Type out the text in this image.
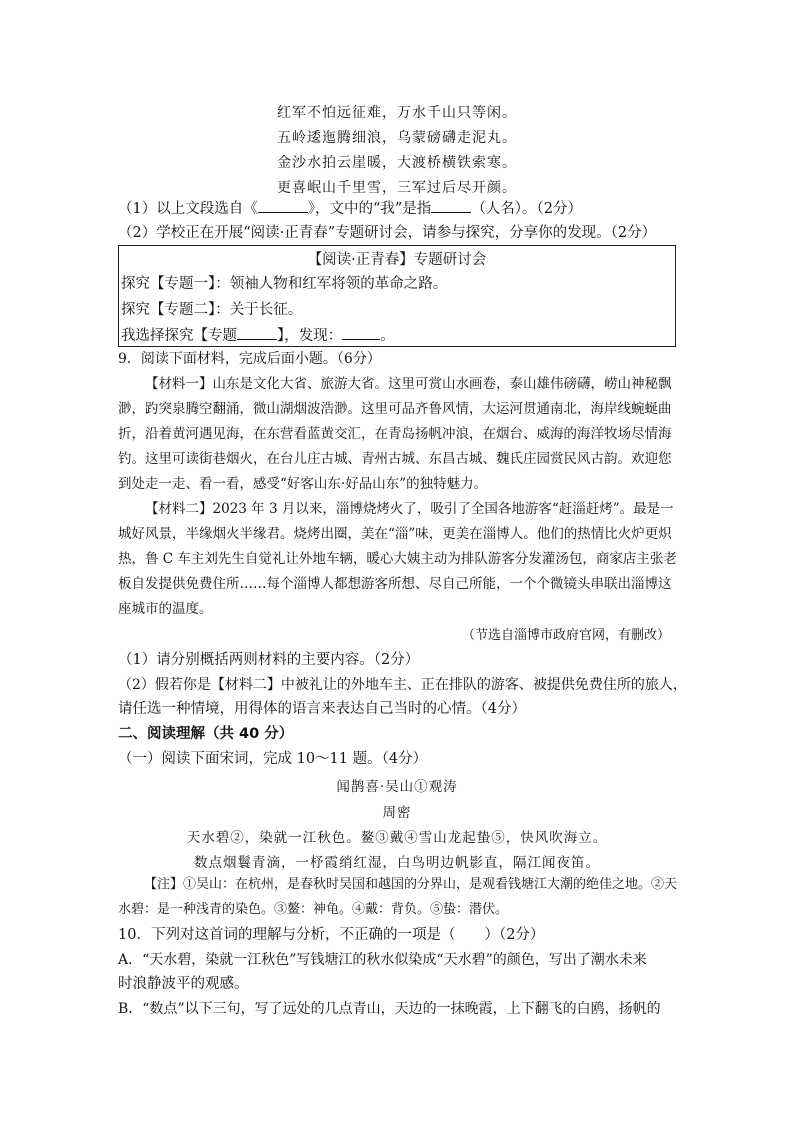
红军不怕远征难，万水千山只等闲。
五岭逶迤腾细浪，乌蒙磅礴走泥丸。
金沙水拍云崖暖，大渡桥横铁索寒。
更喜岷山千里雪，三军过后尽开颜。
（1）以上文段选自《	》，文中的“我”是指	（人名）。（2分）
（2）学校正在开展“阅读·正青春”专题研讨会，请参与探究，分享你的发现。（2分）
【阅读·正青春】专题研讨会
探究【专题一】：领袖人物和红军将领的革命之路。
探究【专题二】：关于长征。
我选择探究【专题	】，发现：	。
9．阅读下面材料，完成后面小题。（6分）
【材料一】山东是文化大省、旅游大省。这里可赏山水画卷，泰山雄伟磅礴，崂山神秘飘渺，趵突泉腾空翻涌，微山湖烟波浩渺。这里可品齐鲁风情，大运河贯通南北，海岸线蜿蜒曲折，沿着黄河遇见海，在东营看蓝黄交汇，在青岛扬帆冲浪，在烟台、威海的海洋牧场尽情海钓。这里可读街巷烟火，在台儿庄古城、青州古城、东昌古城、魏氏庄园赏民风古韵。欢迎您到处走一走、看一看，感受“好客山东·好品山东”的独特魅力。
【材料二】2023 年 3 月以来，淄博烧烤火了，吸引了全国各地游客“赶淄赶烤”。最是一城好风景，半缘烟火半缘君。烧烤出圈，美在“淄”味，更美在淄博人。他们的热情比火炉更炽热，鲁 C 车主刘先生自觉礼让外地车辆，暖心大姨主动为排队游客分发灌汤包，商家店主张老板自发提供免费住所……每个淄博人都想游客所想、尽自己所能，一个个微镜头串联出淄博这座城市的温度。
（节选自淄博市政府官网，有删改）
（1）请分别概括两则材料的主要内容。（2分）
（2）假若你是【材料二】中被礼让的外地车主、正在排队的游客、被提供免费住所的旅人，
请任选一种情境，用得体的语言来表达自己当时的心情。（4分）
二、阅读理解（共 40 分）
（一）阅读下面宋词，完成 10～11 题。（4分）
闻鹊喜·吴山①观涛
周密
天水碧②，染就一江秋色。鳌③戴④雪山龙起蛰⑤，快风吹海立。
数点烟鬟青滴，一杼霞绡红湿，白鸟明边帆影直，隔江闻夜笛。
【注】①吴山：在杭州，是春秋时吴国和越国的分界山，是观看钱塘江大潮的绝佳之地。②天水碧：是一种浅青的染色。③鳌：神龟。④戴：背负。⑤蛰：潜伏。
10．下列对这首词的理解与分析，不正确的一项是（　　）（2分）
A．“天水碧，染就一江秋色”写钱塘江的秋水似染成“天水碧”的颜色，写出了潮水未来
时浪静波平的观感。
B．“数点”以下三句，写了远处的几点青山，天边的一抹晚霞，上下翻飞的白鸥，扬帆的
